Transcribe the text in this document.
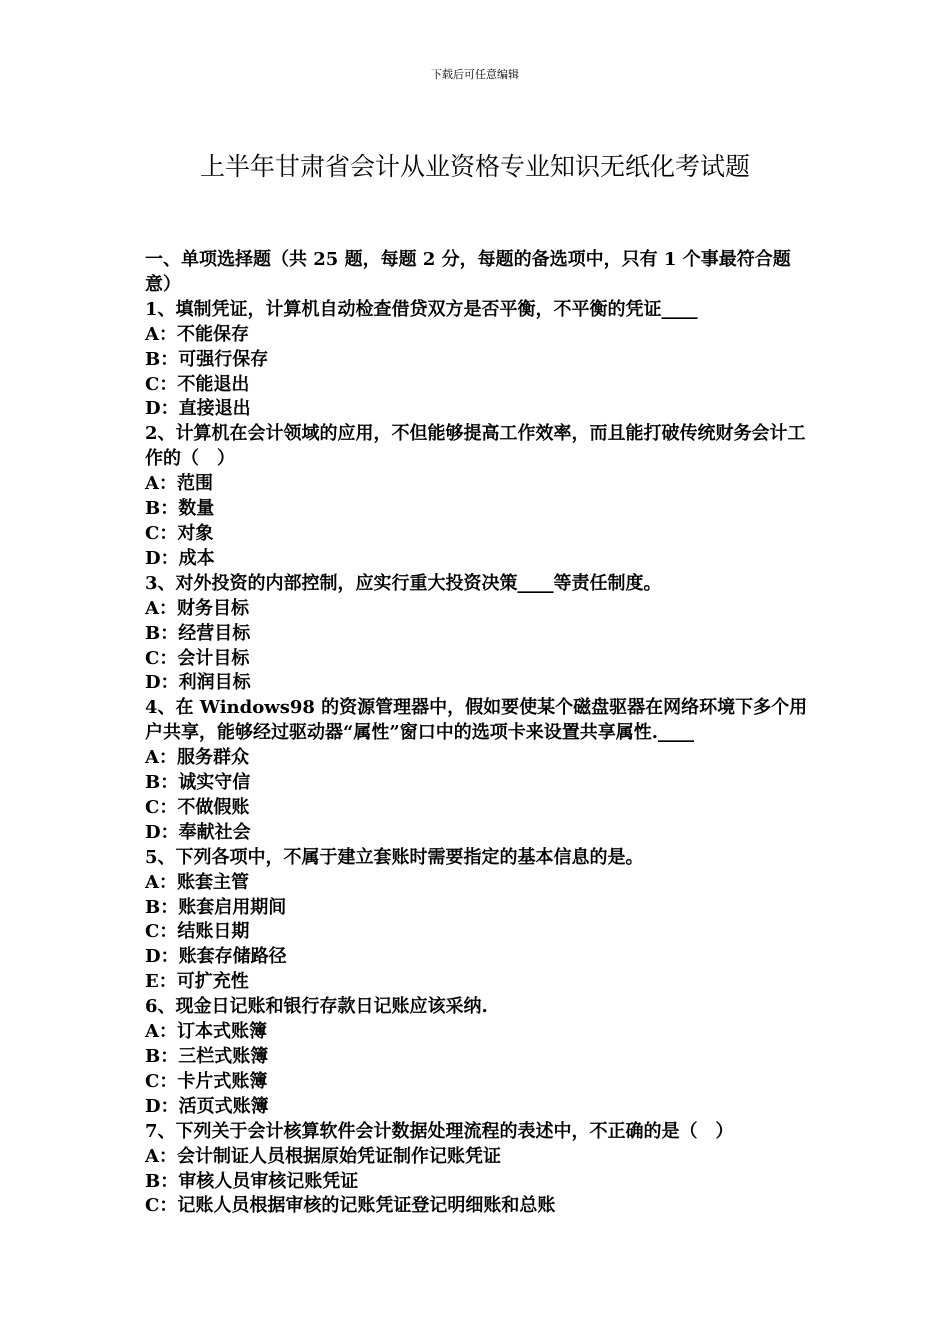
下载后可任意编辑
上半年甘肃省会计从业资格专业知识无纸化考试题

一、单项选择题（共 25 题，每题 2 分，每题的备选项中，只有 1 个事最符合题意）

1、填制凭证，计算机自动检查借贷双方是否平衡，不平衡的凭证____

A：不能保存

B：可强行保存

C：不能退出

D：直接退出

2、计算机在会计领域的应用，不但能够提高工作效率，而且能打破传统财务会计工作的（　）

A：范围

B：数量

C：对象

D：成本

3、对外投资的内部控制，应实行重大投资决策____等责任制度。

A：财务目标

B：经营目标

C：会计目标

D：利润目标

4、在 Windows98 的资源管理器中，假如要使某个磁盘驱器在网络环境下多个用户共享，能够经过驱动器“属性”窗口中的选项卡来设置共享属性.____

A：服务群众

B：诚实守信

C：不做假账

D：奉献社会

5、下列各项中，不属于建立套账时需要指定的基本信息的是。

A：账套主管

B：账套启用期间

C：结账日期

D：账套存储路径

E：可扩充性

6、现金日记账和银行存款日记账应该采纳.

A：订本式账簿

B：三栏式账簿

C：卡片式账簿

D：活页式账簿

7、下列关于会计核算软件会计数据处理流程的表述中，不正确的是（　）

A：会计制证人员根据原始凭证制作记账凭证

B：审核人员审核记账凭证

C：记账人员根据审核的记账凭证登记明细账和总账
